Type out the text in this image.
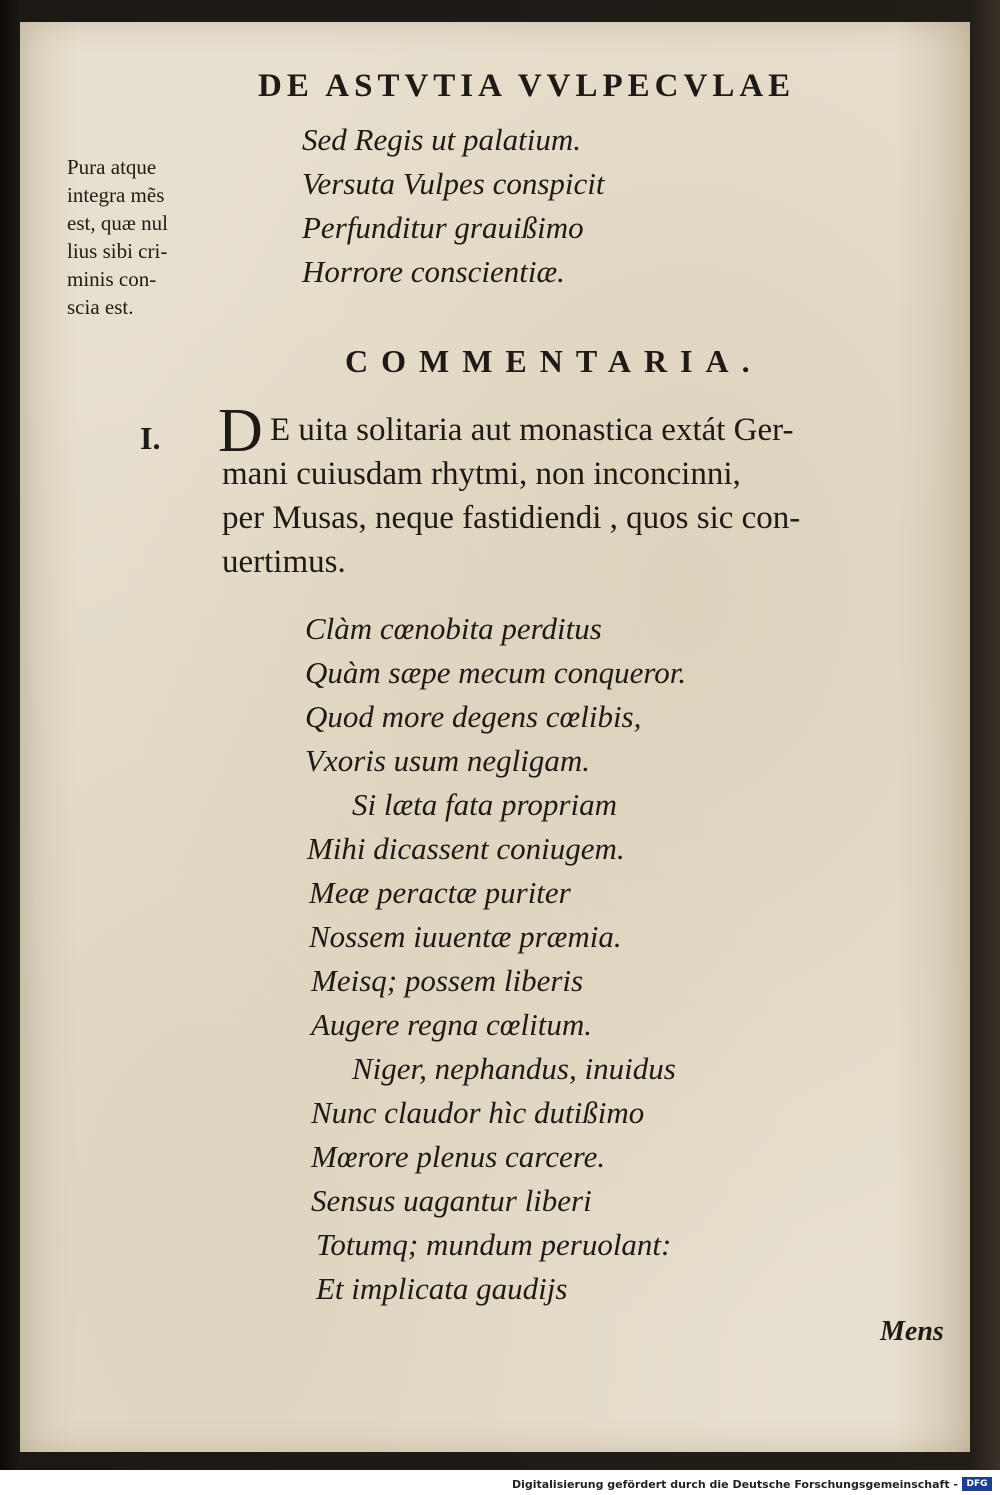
DE ASTVTIA VVLPECVLAE
Sed Regis ut palatium.
Versuta Vulpes conspicit
Perfunditur grauißimo
Horrore conscientiæ.
Pura atque
integra mẽs
est, quæ nul
lius sibi cri-
minis con-
scia est.
COMMENTARIA.
I. D E uita solitaria aut monastica extát Ger-
mani cuiusdam rhytmi, non inconcinni,
per Musas, neque fastidiendi , quos sic con-
uertimus.
Clàm cœnobita perditus
Quàm sæpe mecum conqueror.
Quod more degens cœlibis,
Vxoris usum negligam.
Si læta fata propriam
Mihi dicassent coniugem.
Meæ peractæ puriter
Nossem iuuentæ præmia.
Meisq; possem liberis
Augere regna cœlitum.
Niger, nephandus, inuidus
Nunc claudor hìc dutißimo
Mœrore plenus carcere.
Sensus uagantur liberi
Totumq; mundum peruolant:
Et implicata gaudijs
Mens
Digitalisierung gefördert durch die Deutsche Forschungsgemeinschaft - DFG
